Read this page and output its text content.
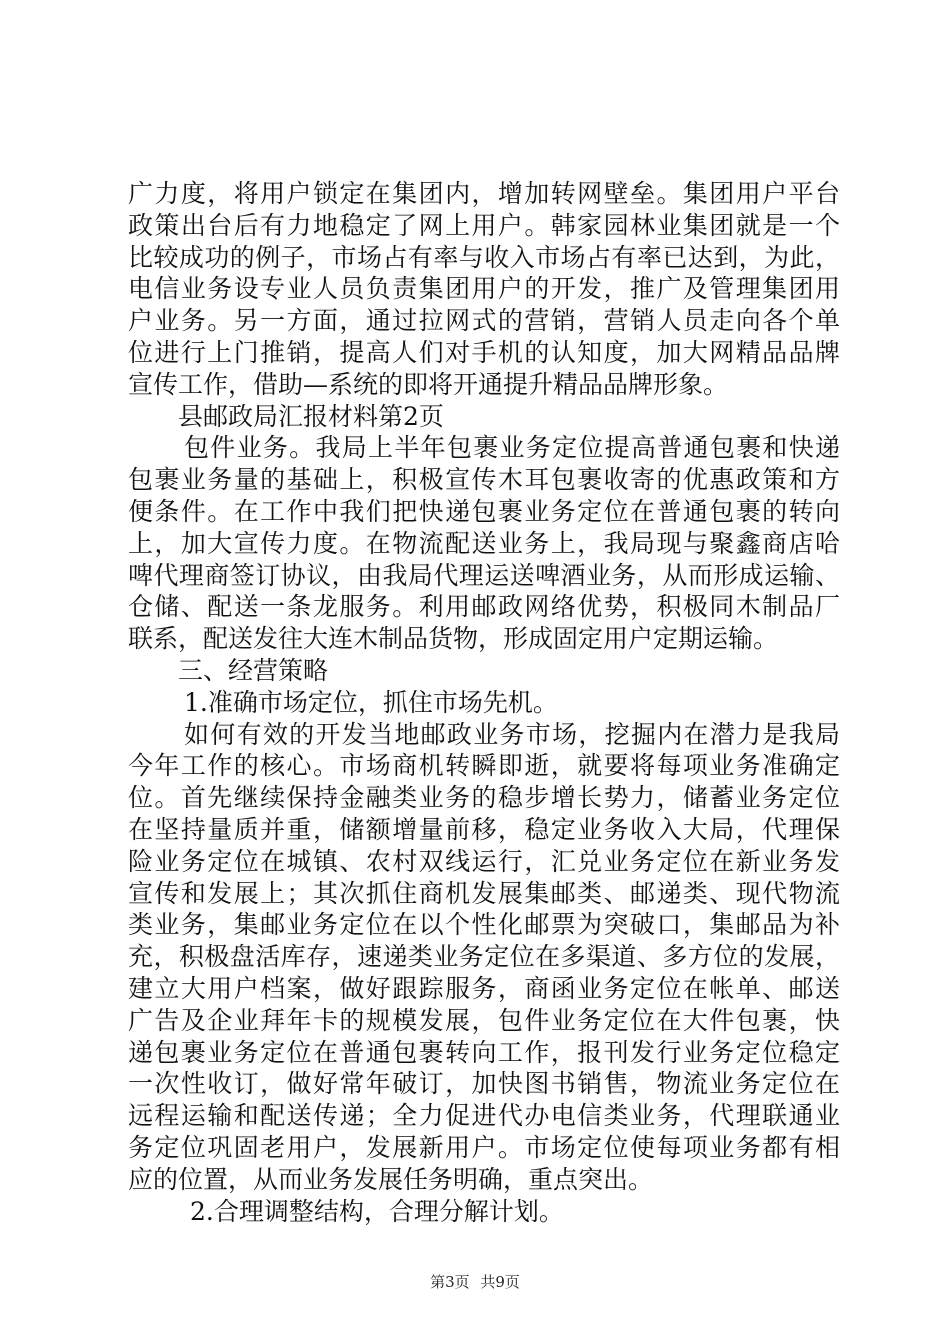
广力度，将用户锁定在集团内，增加转网壁垒。集团用户平台

政策出台后有力地稳定了网上用户。韩家园林业集团就是一个

比较成功的例子，市场占有率与收入市场占有率已达到，为此，

电信业务设专业人员负责集团用户的开发，推广及管理集团用

户业务。另一方面，通过拉网式的营销，营销人员走向各个单

位进行上门推销，提高人们对手机的认知度，加大网精品品牌

宣传工作，借助—系统的即将开通提升精品品牌形象。

县邮政局汇报材料第2页

包件业务。我局上半年包裹业务定位提高普通包裹和快递

包裹业务量的基础上，积极宣传木耳包裹收寄的优惠政策和方

便条件。在工作中我们把快递包裹业务定位在普通包裹的转向

上，加大宣传力度。在物流配送业务上，我局现与聚鑫商店哈

啤代理商签订协议，由我局代理运送啤酒业务，从而形成运输、

仓储、配送一条龙服务。利用邮政网络优势，积极同木制品厂

联系，配送发往大连木制品货物，形成固定用户定期运输。

三、经营策略

1.准确市场定位，抓住市场先机。

如何有效的开发当地邮政业务市场，挖掘内在潜力是我局

今年工作的核心。市场商机转瞬即逝，就要将每项业务准确定

位。首先继续保持金融类业务的稳步增长势力，储蓄业务定位

在坚持量质并重，储额增量前移，稳定业务收入大局，代理保

险业务定位在城镇、农村双线运行，汇兑业务定位在新业务发

宣传和发展上；其次抓住商机发展集邮类、邮递类、现代物流

类业务，集邮业务定位在以个性化邮票为突破口，集邮品为补

充，积极盘活库存，速递类业务定位在多渠道、多方位的发展，

建立大用户档案，做好跟踪服务，商函业务定位在帐单、邮送

广告及企业拜年卡的规模发展，包件业务定位在大件包裹，快

递包裹业务定位在普通包裹转向工作，报刊发行业务定位稳定

一次性收订，做好常年破订，加快图书销售，物流业务定位在

远程运输和配送传递；全力促进代办电信类业务，代理联通业

务定位巩固老用户，发展新用户。市场定位使每项业务都有相

应的位置，从而业务发展任务明确，重点突出。

2.合理调整结构，合理分解计划。

第3页 共9页
